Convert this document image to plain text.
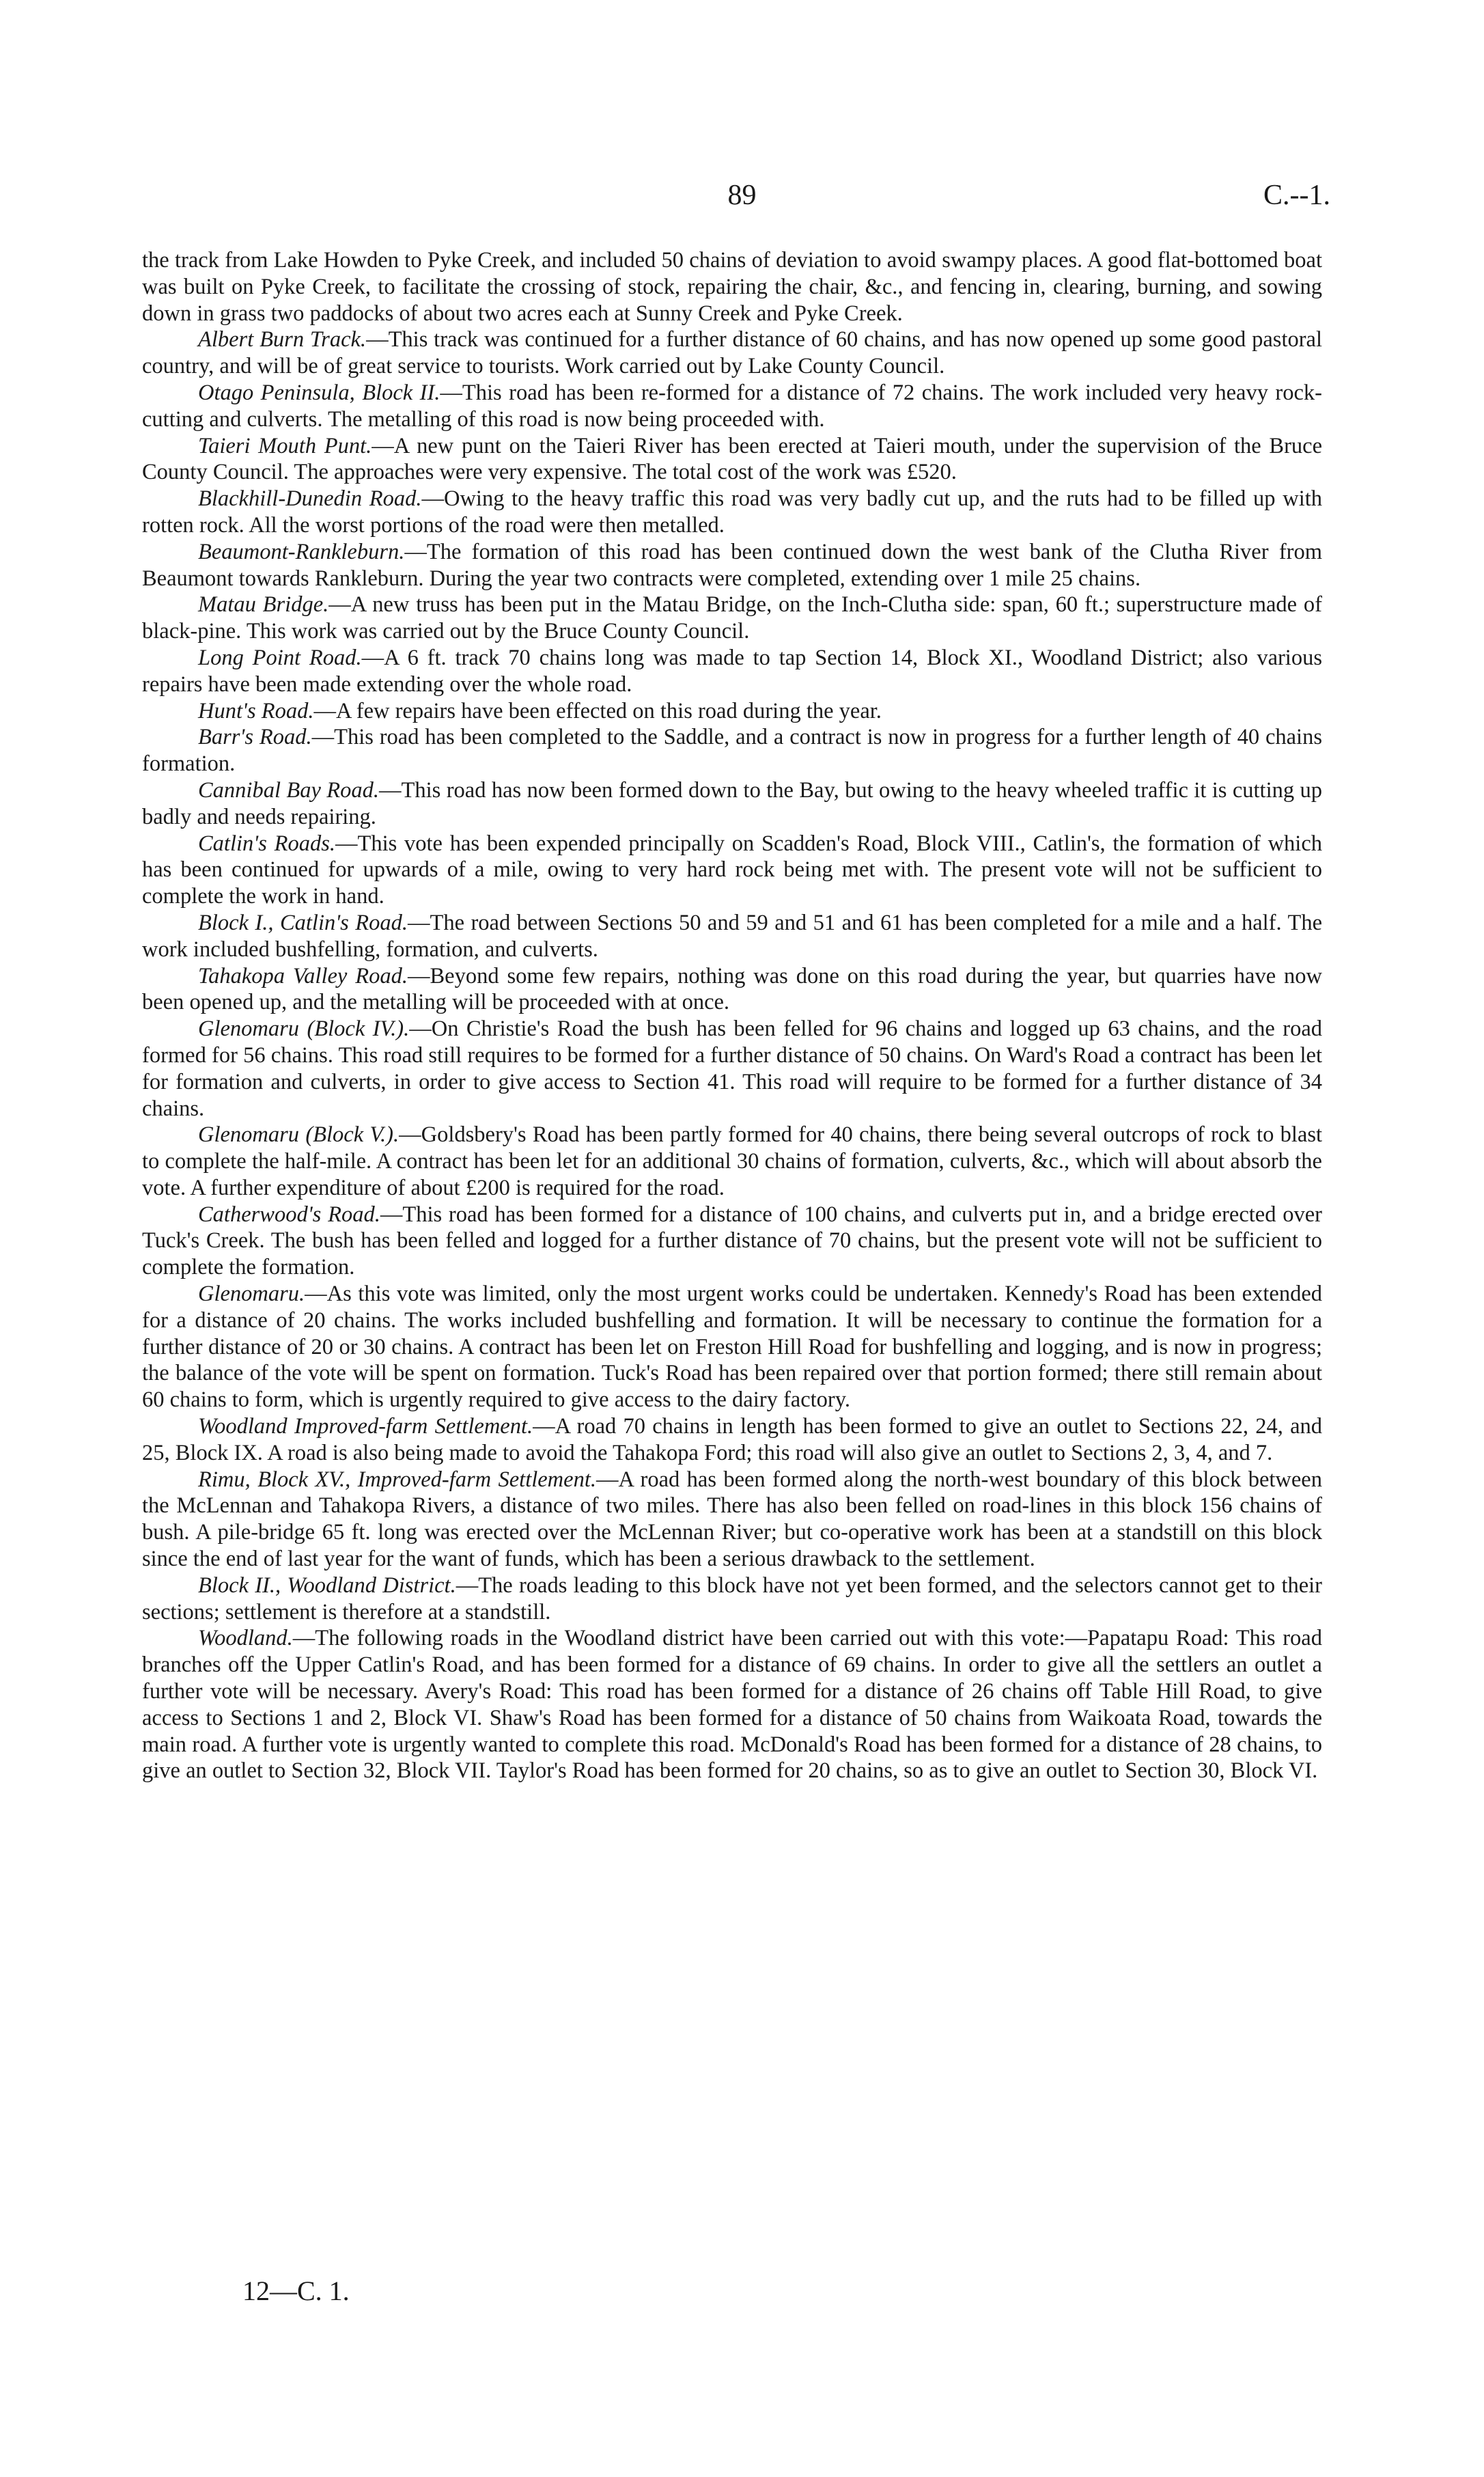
89	C.--1.

the track from Lake Howden to Pyke Creek, and included 50 chains of deviation to avoid swampy places. A good flat-bottomed boat was built on Pyke Creek, to facilitate the crossing of stock, repairing the chair, &c., and fencing in, clearing, burning, and sowing down in grass two paddocks of about two acres each at Sunny Creek and Pyke Creek.

Albert Burn Track.—This track was continued for a further distance of 60 chains, and has now opened up some good pastoral country, and will be of great service to tourists. Work carried out by Lake County Council.

Otago Peninsula, Block II.—This road has been re-formed for a distance of 72 chains. The work included very heavy rock-cutting and culverts. The metalling of this road is now being proceeded with.

Taieri Mouth Punt.—A new punt on the Taieri River has been erected at Taieri mouth, under the supervision of the Bruce County Council. The approaches were very expensive. The total cost of the work was £520.

Blackhill-Dunedin Road.—Owing to the heavy traffic this road was very badly cut up, and the ruts had to be filled up with rotten rock. All the worst portions of the road were then metalled.

Beaumont-Rankleburn.—The formation of this road has been continued down the west bank of the Clutha River from Beaumont towards Rankleburn. During the year two contracts were completed, extending over 1 mile 25 chains.

Matau Bridge.—A new truss has been put in the Matau Bridge, on the Inch-Clutha side: span, 60 ft.; superstructure made of black-pine. This work was carried out by the Bruce County Council.

Long Point Road.—A 6 ft. track 70 chains long was made to tap Section 14, Block XI., Woodland District; also various repairs have been made extending over the whole road.

Hunt's Road.—A few repairs have been effected on this road during the year.

Barr's Road.—This road has been completed to the Saddle, and a contract is now in progress for a further length of 40 chains formation.

Cannibal Bay Road.—This road has now been formed down to the Bay, but owing to the heavy wheeled traffic it is cutting up badly and needs repairing.

Catlin's Roads.—This vote has been expended principally on Scadden's Road, Block VIII., Catlin's, the formation of which has been continued for upwards of a mile, owing to very hard rock being met with. The present vote will not be sufficient to complete the work in hand.

Block I., Catlin's Road.—The road between Sections 50 and 59 and 51 and 61 has been completed for a mile and a half. The work included bushfelling, formation, and culverts.

Tahakopa Valley Road.—Beyond some few repairs, nothing was done on this road during the year, but quarries have now been opened up, and the metalling will be proceeded with at once.

Glenomaru (Block IV.).—On Christie's Road the bush has been felled for 96 chains and logged up 63 chains, and the road formed for 56 chains. This road still requires to be formed for a further distance of 50 chains. On Ward's Road a contract has been let for formation and culverts, in order to give access to Section 41. This road will require to be formed for a further distance of 34 chains.

Glenomaru (Block V.).—Goldsbery's Road has been partly formed for 40 chains, there being several outcrops of rock to blast to complete the half-mile. A contract has been let for an additional 30 chains of formation, culverts, &c., which will about absorb the vote. A further expenditure of about £200 is required for the road.

Catherwood's Road.—This road has been formed for a distance of 100 chains, and culverts put in, and a bridge erected over Tuck's Creek. The bush has been felled and logged for a further distance of 70 chains, but the present vote will not be sufficient to complete the formation.

Glenomaru.—As this vote was limited, only the most urgent works could be undertaken. Kennedy's Road has been extended for a distance of 20 chains. The works included bushfelling and formation. It will be necessary to continue the formation for a further distance of 20 or 30 chains. A contract has been let on Freston Hill Road for bushfelling and logging, and is now in progress; the balance of the vote will be spent on formation. Tuck's Road has been repaired over that portion formed; there still remain about 60 chains to form, which is urgently required to give access to the dairy factory.

Woodland Improved-farm Settlement.—A road 70 chains in length has been formed to give an outlet to Sections 22, 24, and 25, Block IX. A road is also being made to avoid the Tahakopa Ford; this road will also give an outlet to Sections 2, 3, 4, and 7.

Rimu, Block XV., Improved-farm Settlement.—A road has been formed along the north-west boundary of this block between the McLennan and Tahakopa Rivers, a distance of two miles. There has also been felled on road-lines in this block 156 chains of bush. A pile-bridge 65 ft. long was erected over the McLennan River; but co-operative work has been at a standstill on this block since the end of last year for the want of funds, which has been a serious drawback to the settlement.

Block II., Woodland District.—The roads leading to this block have not yet been formed, and the selectors cannot get to their sections; settlement is therefore at a standstill.

Woodland.—The following roads in the Woodland district have been carried out with this vote:—Papatapu Road: This road branches off the Upper Catlin's Road, and has been formed for a distance of 69 chains. In order to give all the settlers an outlet a further vote will be necessary. Avery's Road: This road has been formed for a distance of 26 chains off Table Hill Road, to give access to Sections 1 and 2, Block VI. Shaw's Road has been formed for a distance of 50 chains from Waikoata Road, towards the main road. A further vote is urgently wanted to complete this road. McDonald's Road has been formed for a distance of 28 chains, to give an outlet to Section 32, Block VII. Taylor's Road has been formed for 20 chains, so as to give an outlet to Section 30, Block VI.

12—C. 1.
